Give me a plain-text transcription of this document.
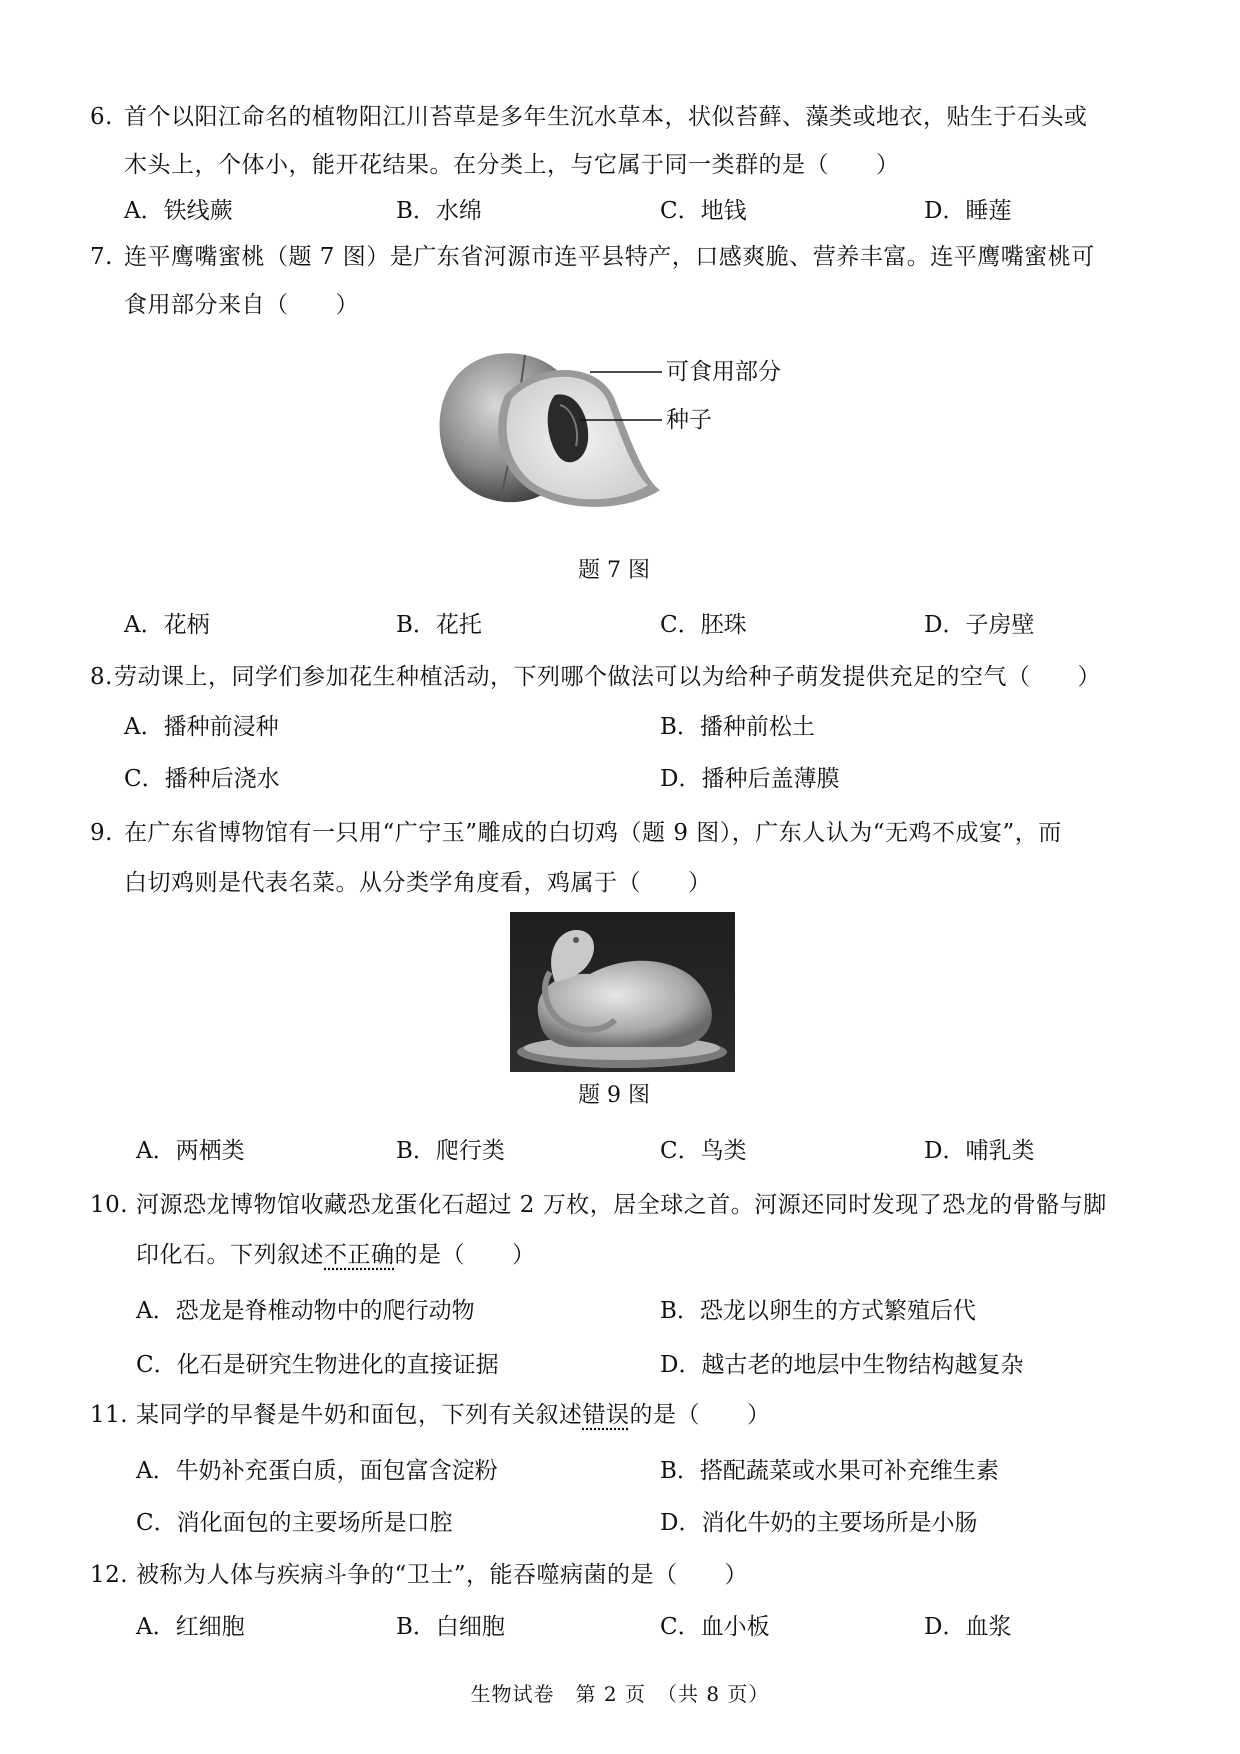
6. 首个以阳江命名的植物阳江川苔草是多年生沉水草本，状似苔藓、藻类或地衣，贴生于石头或
木头上，个体小，能开花结果。在分类上，与它属于同一类群的是（　　）
A．铁线蕨	B．水绵	C．地钱	D．睡莲
7. 连平鹰嘴蜜桃（题 7 图）是广东省河源市连平县特产，口感爽脆、营养丰富。连平鹰嘴蜜桃可
食用部分来自（　　）
可食用部分
种子
题 7 图
A．花柄	B．花托	C．胚珠	D．子房壁
8. 劳动课上，同学们参加花生种植活动，下列哪个做法可以为给种子萌发提供充足的空气（　　）
A．播种前浸种	B．播种前松土
C．播种后浇水	D．播种后盖薄膜
9. 在广东省博物馆有一只用“广宁玉”雕成的白切鸡（题 9 图），广东人认为“无鸡不成宴”，而
白切鸡则是代表名菜。从分类学角度看，鸡属于（　　）
题 9 图
A．两栖类	B．爬行类	C．鸟类	D．哺乳类
10. 河源恐龙博物馆收藏恐龙蛋化石超过 2 万枚，居全球之首。河源还同时发现了恐龙的骨骼与脚
印化石。下列叙述不正确的是（　　）
A．恐龙是脊椎动物中的爬行动物	B．恐龙以卵生的方式繁殖后代
C．化石是研究生物进化的直接证据	D．越古老的地层中生物结构越复杂
11. 某同学的早餐是牛奶和面包，下列有关叙述错误的是（　　）
A．牛奶补充蛋白质，面包富含淀粉	B．搭配蔬菜或水果可补充维生素
C．消化面包的主要场所是口腔	D．消化牛奶的主要场所是小肠
12. 被称为人体与疾病斗争的“卫士”，能吞噬病菌的是（　　）
A．红细胞	B．白细胞	C．血小板	D．血浆
生物试卷　第 2 页　（共 8 页）
